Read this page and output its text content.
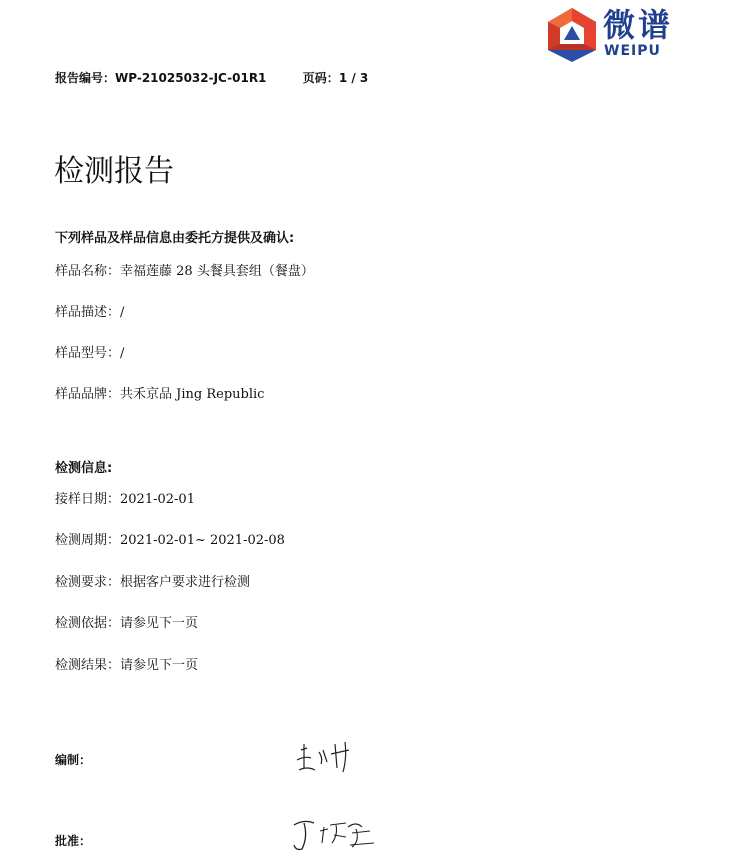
微谱
WEIPU
报告编号：WP-21025032-JC-01R1	页码：1 / 3
检测报告
下列样品及样品信息由委托方提供及确认:
样品名称：幸福莲藤 28 头餐具套组（餐盘）
样品描述：/
样品型号：/
样品品牌：共禾京品 Jing Republic
检测信息:
接样日期：2021-02-01
检测周期：2021-02-01~ 2021-02-08
检测要求：根据客户要求进行检测
检测依据：请参见下一页
检测结果：请参见下一页
编制：
批准：
